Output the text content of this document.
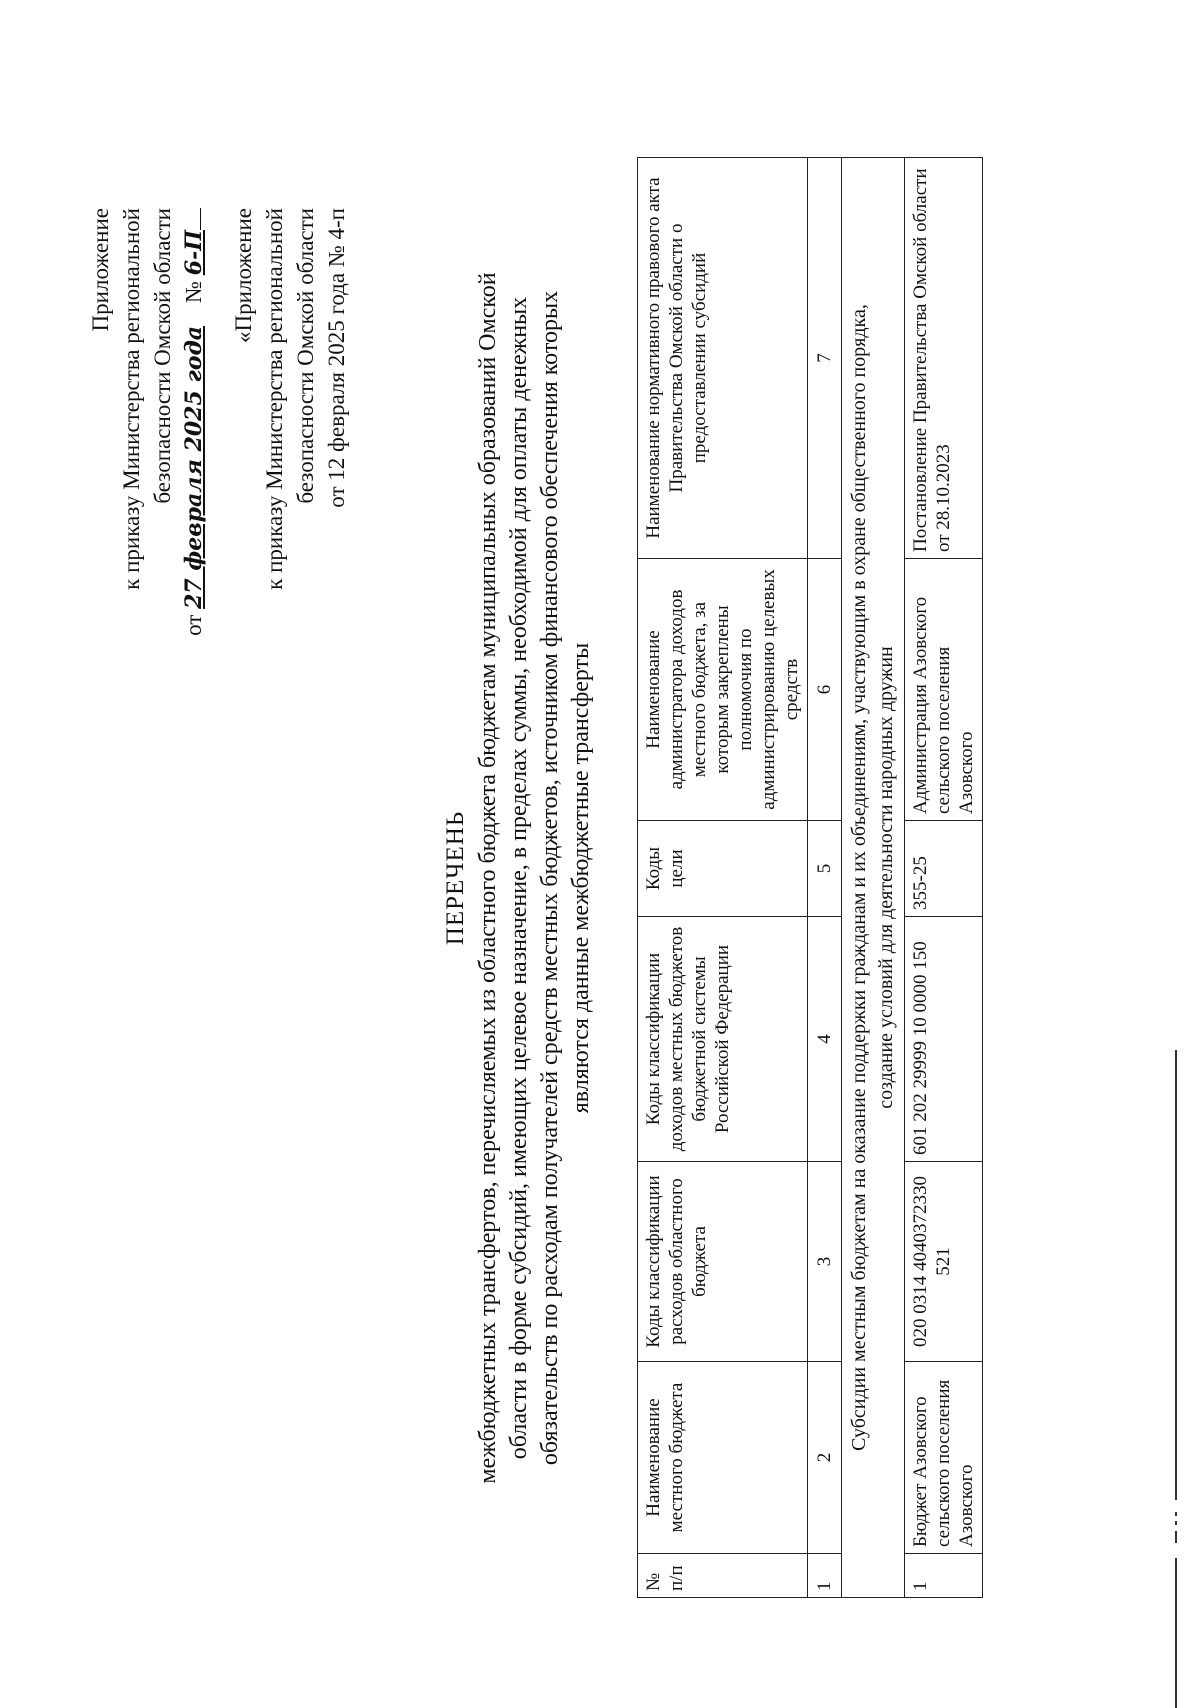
Приложение к приказу Министерства региональной безопасности Омской области
от 27 февраля 2025 года    № 6-П «Приложение к приказу Министерства региональной безопасности Омской области от 12 февраля 2025 года № 4-п
ПЕРЕЧЕНЬ межбюджетных трансфертов, перечисляемых из областного бюджета бюджетам муниципальных образований Омской области в форме субсидий, имеющих целевое назначение, в пределах суммы, необходимой для оплаты денежных обязательств по расходам получателей средств местных бюджетов, источником финансового обеспечения которых являются данные межбюджетные трансферты
№ п/п	Наименование местного бюджета	Коды классификации расходов областного бюджета	Коды классификации доходов местных бюджетов бюджетной системы Российской Федерации	Коды цели	Наименование администратора доходов местного бюджета, за которым закреплены полномочия по администрированию целевых средств	Наименование нормативного правового акта Правительства Омской области о предоставлении субсидий
1	2	3	4	5	6	7

Субсидии местным бюджетам на оказание поддержки гражданам и их объединениям, участвующим в охране общественного порядка, создание условий для деятельности народных дружин						

1	Бюджет Азовского сельского поселения Азовского	020 0314 4040372330 521	601 202 29999 10 0000 150	355-25	Администрация Азовского сельского поселения Азовского	Постановление Правительства Омской области от 28.10.2023
